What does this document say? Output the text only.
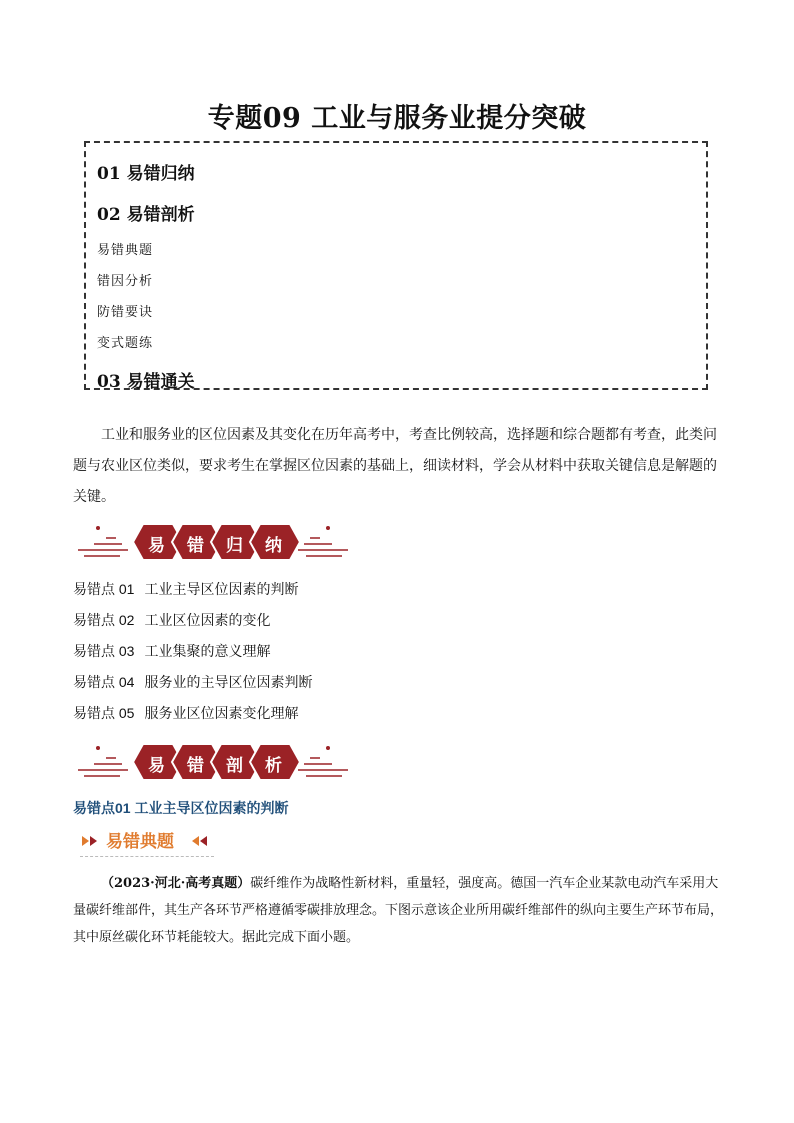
专题09 工业与服务业提分突破
01 易错归纳
02 易错剖析
易错典题
错因分析
防错要诀
变式题练
03 易错通关
工业和服务业的区位因素及其变化在历年高考中，考查比例较高，选择题和综合题都有考查，此类问题与农业区位类似，要求考生在掌握区位因素的基础上，细读材料，学会从材料中获取关键信息是解题的关键。
易 错 归 纳
易错点 01 工业主导区位因素的判断
易错点 02 工业区位因素的变化
易错点 03 工业集聚的意义理解
易错点 04 服务业的主导区位因素判断
易错点 05 服务业区位因素变化理解
易 错 剖 析
易错点01 工业主导区位因素的判断
易错典题
（2023·河北·高考真题）碳纤维作为战略性新材料，重量轻，强度高。德国一汽车企业某款电动汽车采用大量碳纤维部件，其生产各环节严格遵循零碳排放理念。下图示意该企业所用碳纤维部件的纵向主要生产环节布局，其中原丝碳化环节耗能较大。据此完成下面小题。
